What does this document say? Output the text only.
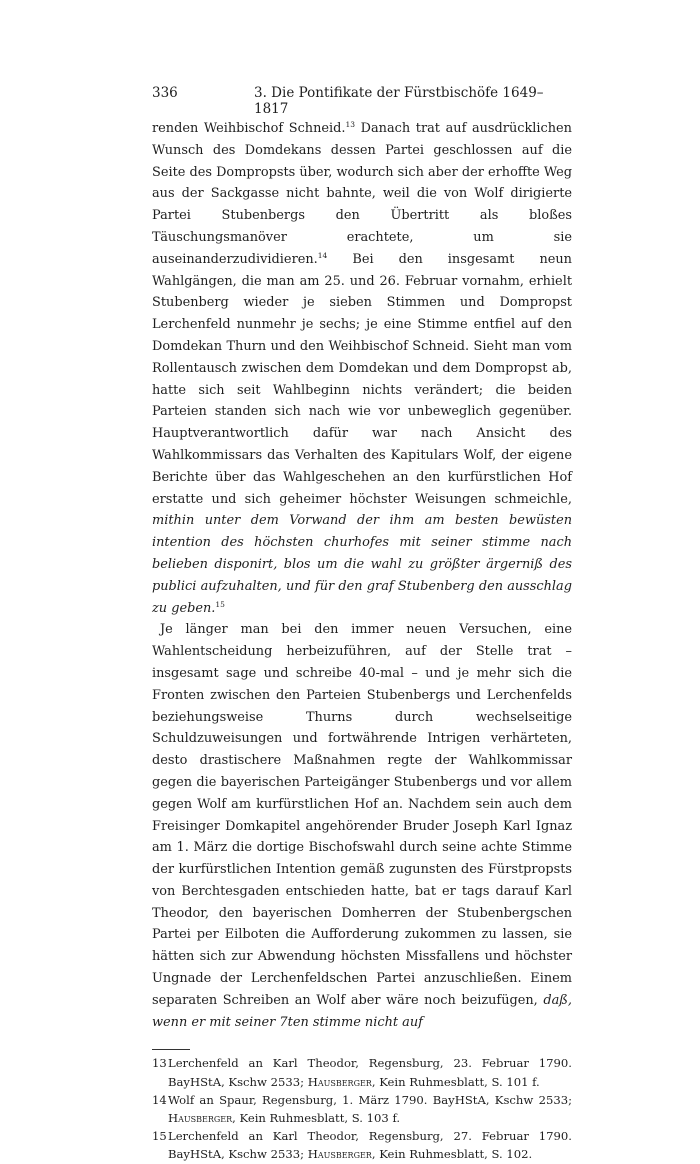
336	3. Die Pontifikate der Fürstbischöfe 1649–1817

renden Weihbischof Schneid.$^{13}$ Danach trat auf ausdrücklichen Wunsch des Domdekans dessen Partei geschlossen auf die Seite des Dompropsts über, wodurch sich aber der erhoffte Weg aus der Sackgasse nicht bahnte, weil die von Wolf dirigierte Partei Stubenbergs den Übertritt als bloßes Täuschungsmanöver erachtete, um sie auseinanderzudividieren.$^{14}$ Bei den insgesamt neun Wahlgängen, die man am 25. und 26. Februar vornahm, erhielt Stubenberg wieder je sieben Stimmen und Dompropst Lerchenfeld nunmehr je sechs; je eine Stimme entfiel auf den Domdekan Thurn und den Weihbischof Schneid. Sieht man vom Rollentausch zwischen dem Domdekan und dem Dompropst ab, hatte sich seit Wahlbeginn nichts verändert; die beiden Parteien standen sich nach wie vor unbeweglich gegenüber. Hauptverantwortlich dafür war nach Ansicht des Wahlkommissars das Verhalten des Kapitulars Wolf, der eigene Berichte über das Wahlgeschehen an den kurfürstlichen Hof erstatte und sich geheimer höchster Weisungen schmeichle, mithin unter dem Vorwand der ihm am besten bewüsten intention des höchsten churhofes mit seiner stimme nach belieben disponirt, blos um die wahl zu größter ärgerniß des publici aufzuhalten, und für den graf Stubenberg den ausschlag zu geben.$^{15}$

Je länger man bei den immer neuen Versuchen, eine Wahlentscheidung herbeizuführen, auf der Stelle trat – insgesamt sage und schreibe 40-mal – und je mehr sich die Fronten zwischen den Parteien Stubenbergs und Lerchenfelds beziehungsweise Thurns durch wechselseitige Schuldzuweisungen und fortwährende Intrigen verhärteten, desto drastischere Maßnahmen regte der Wahlkommissar gegen die bayerischen Parteigänger Stubenbergs und vor allem gegen Wolf am kurfürstlichen Hof an. Nachdem sein auch dem Freisinger Domkapitel angehörender Bruder Joseph Karl Ignaz am 1. März die dortige Bischofswahl durch seine achte Stimme der kurfürstlichen Intention gemäß zugunsten des Fürstpropsts von Berchtesgaden entschieden hatte, bat er tags darauf Karl Theodor, den bayerischen Domherren der Stubenbergschen Partei per Eilboten die Aufforderung zukommen zu lassen, sie hätten sich zur Abwendung höchsten Missfallens und höchster Ungnade der Lerchenfeldschen Partei anzuschließen. Einem separaten Schreiben an Wolf aber wäre noch beizufügen, daß, wenn er mit seiner 7ten stimme nicht auf

13 Lerchenfeld an Karl Theodor, Regensburg, 23. Februar 1790. BayHStA, Kschw 2533; Hausberger, Kein Ruhmesblatt, S. 101 f.
14 Wolf an Spaur, Regensburg, 1. März 1790. BayHStA, Kschw 2533; Hausberger, Kein Ruhmesblatt, S. 103 f.
15 Lerchenfeld an Karl Theodor, Regensburg, 27. Februar 1790. BayHStA, Kschw 2533; Hausberger, Kein Ruhmesblatt, S. 102.
